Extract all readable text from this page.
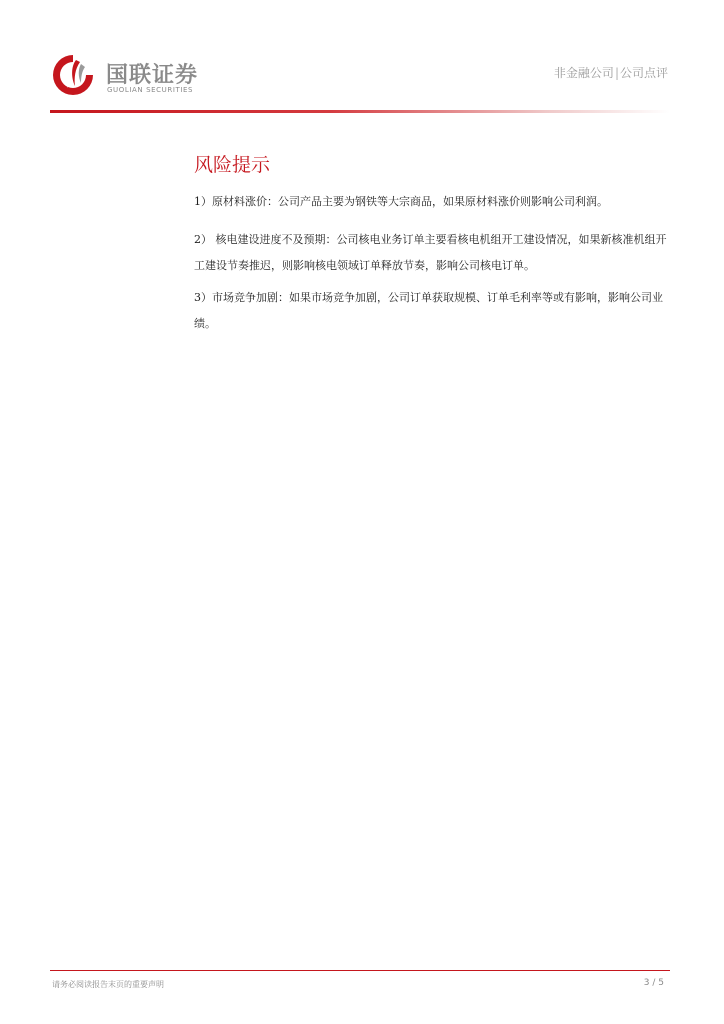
国联证券
GUOLIAN SECURITIES
非金融公司|公司点评
风险提示

1）原材料涨价：公司产品主要为钢铁等大宗商品，如果原材料涨价则影响公司利润。

2） 核电建设进度不及预期：公司核电业务订单主要看核电机组开工建设情况，如果新核准机组开工建设节奏推迟，则影响核电领域订单释放节奏，影响公司核电订单。

3）市场竞争加剧：如果市场竞争加剧，公司订单获取规模、订单毛利率等或有影响，影响公司业绩。

请务必阅读报告末页的重要声明	3 / 5
